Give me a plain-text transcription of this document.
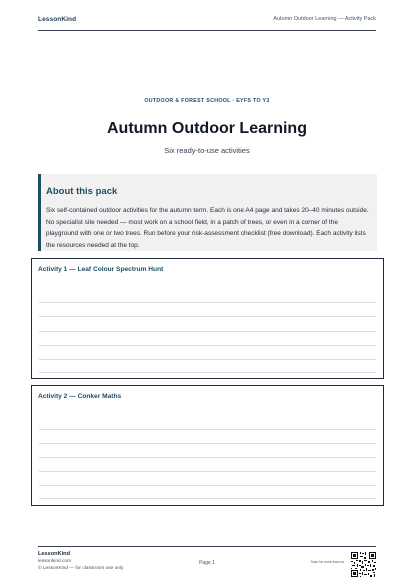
LessonKind	Autumn Outdoor Learning — Activity Pack
OUTDOOR & FOREST SCHOOL · EYFS TO Y3
Autumn Outdoor Learning
Six ready-to-use activities
About this pack
Six self-contained outdoor activities for the autumn term. Each is one A4 page and takes 20–40 minutes outside. No specialist site needed — most work on a school field, in a patch of trees, or even in a corner of the playground with one or two trees. Run before your risk-assessment checklist (free download). Each activity lists the resources needed at the top.
Activity 1 — Leaf Colour Spectrum Hunt
Activity 2 — Conker Maths
LessonKind
lessonkind.com
© LessonKind — for classroom use only
Page 1	Scan for more from us
